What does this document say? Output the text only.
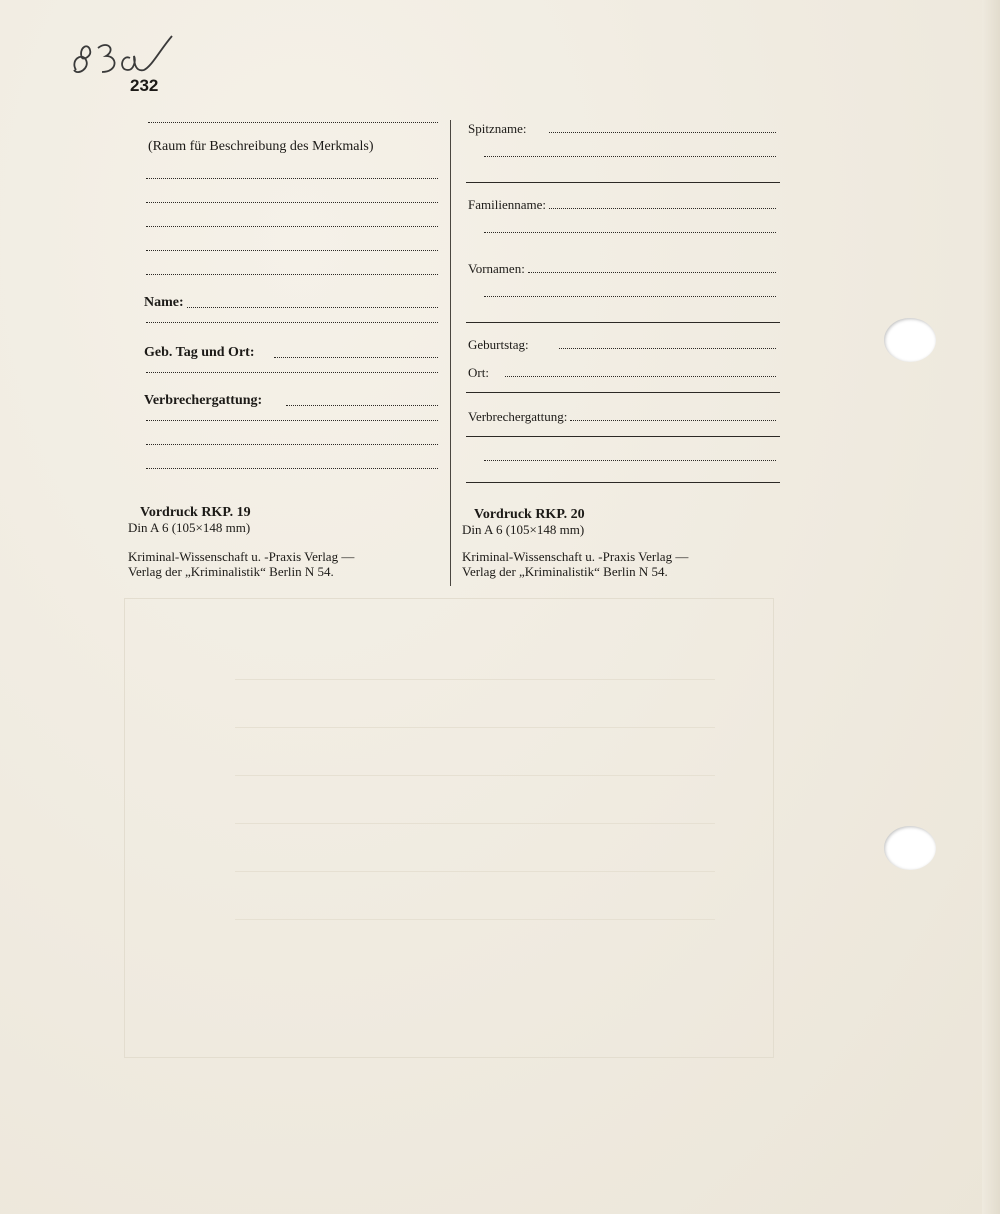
232
(Raum für Beschreibung des Merkmals)
Name:
Geb. Tag und Ort:
Verbrechergattung:
Vordruck RKP. 19
Din A 6 (105×148 mm)
Kriminal-Wissenschaft u. -Praxis Verlag —
Verlag der „Kriminalistik“ Berlin N 54.
Spitzname:
Familienname:
Vornamen:
Geburtstag:
Ort:
Verbrechergattung:
Vordruck RKP. 20
Din A 6 (105×148 mm)
Kriminal-Wissenschaft u. -Praxis Verlag —
Verlag der „Kriminalistik“ Berlin N 54.
